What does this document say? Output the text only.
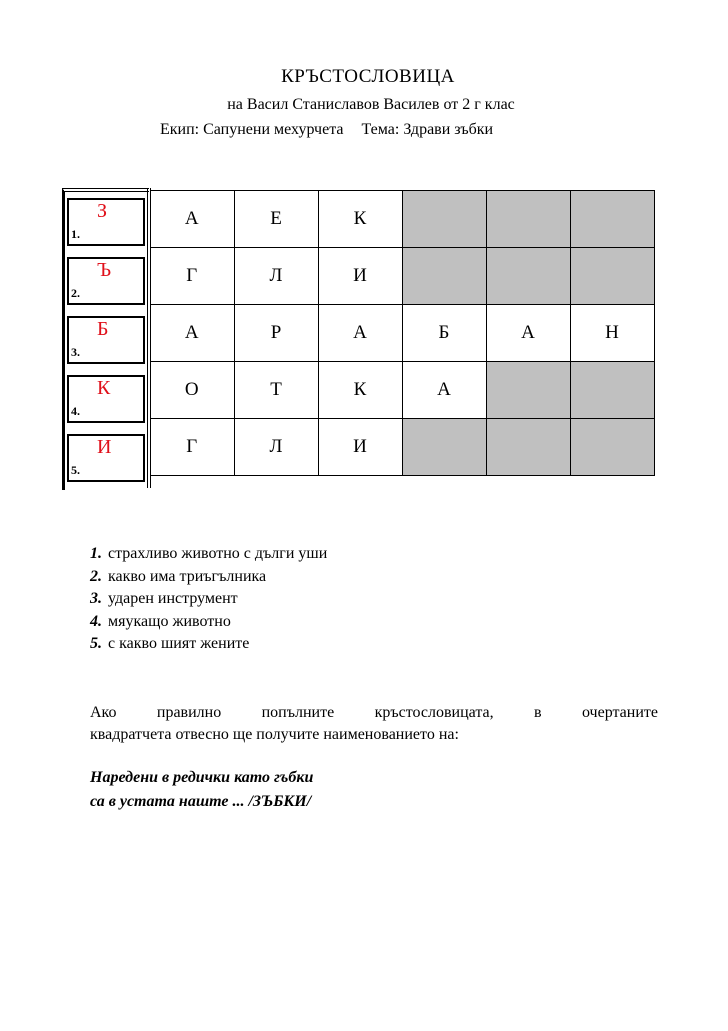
КРЪСТОСЛОВИЦА
на Васил Станиславов Василев от 2 г клас
Екип: Сапунени мехурчета Тема: Здрави зъбки
З
1.
Ъ
2.
Б
3.
К
4.
И
5.
А	Е	К			
Г	Л	И			
А	Р	А	Б	А	Н
О	Т	К	А		
Г	Л	И			
1. страхливо животно с дълги уши
2. какво има триъгълника
3. ударен инструмент
4. мяукащо животно
5. с какво шият жените
Ако	правилно	попълните	кръстословицата,	в	очертаните
квадратчета отвесно ще получите наименованието на:
Наредени в редички като гъбки
са в устата наште ... /ЗЪБКИ/
